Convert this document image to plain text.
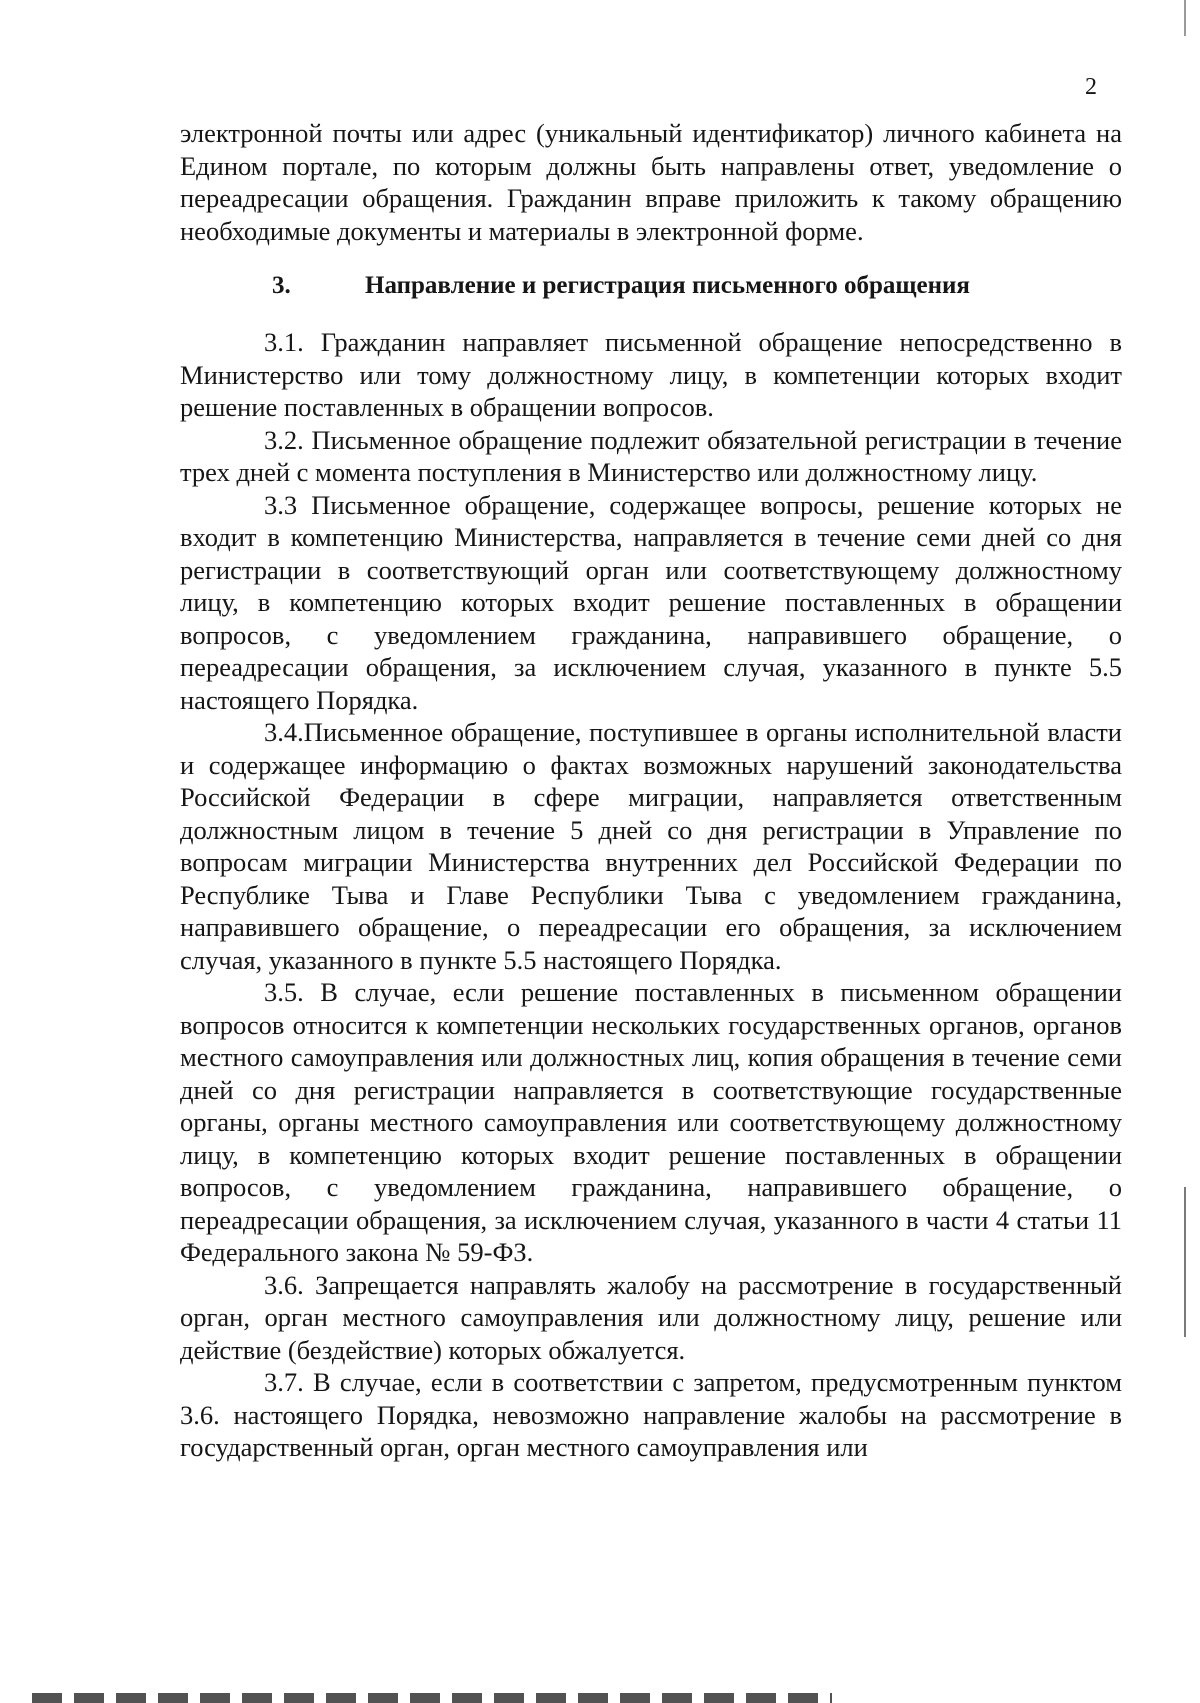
2

электронной почты или адрес (уникальный идентификатор) личного кабинета на Едином портале, по которым должны быть направлены ответ, уведомление о переадресации обращения. Гражданин вправе приложить к такому обращению необходимые документы и материалы в электронной форме.

3.	Направление и регистрация письменного обращения

3.1. Гражданин направляет письменной обращение непосредственно в Министерство или тому должностному лицу, в компетенции которых входит решение поставленных в обращении вопросов.

3.2. Письменное обращение подлежит обязательной регистрации в течение трех дней с момента поступления в Министерство или должностному лицу.

3.3 Письменное обращение, содержащее вопросы, решение которых не входит в компетенцию Министерства, направляется в течение семи дней со дня регистрации в соответствующий орган или соответствующему должностному лицу, в компетенцию которых входит решение поставленных в обращении вопросов, с уведомлением гражданина, направившего обращение, о переадресации обращения, за исключением случая, указанного в пункте 5.5 настоящего Порядка.

3.4.Письменное обращение, поступившее в органы исполнительной власти и содержащее информацию о фактах возможных нарушений законодательства Российской Федерации в сфере миграции, направляется ответственным должностным лицом в течение 5 дней со дня регистрации в Управление по вопросам миграции Министерства внутренних дел Российской Федерации по Республике Тыва и Главе Республики Тыва с уведомлением гражданина, направившего обращение, о переадресации его обращения, за исключением случая, указанного в пункте 5.5 настоящего Порядка.

3.5. В случае, если решение поставленных в письменном обращении вопросов относится к компетенции нескольких государственных органов, органов местного самоуправления или должностных лиц, копия обращения в течение семи дней со дня регистрации направляется в соответствующие государственные органы, органы местного самоуправления или соответствующему должностному лицу, в компетенцию которых входит решение поставленных в обращении вопросов, с уведомлением гражданина, направившего обращение, о переадресации обращения, за исключением случая, указанного в части 4 статьи 11 Федерального закона № 59-ФЗ.

3.6. Запрещается направлять жалобу на рассмотрение в государственный орган, орган местного самоуправления или должностному лицу, решение или действие (бездействие) которых обжалуется.

3.7. В случае, если в соответствии с запретом, предусмотренным пунктом 3.6. настоящего Порядка, невозможно направление жалобы на рассмотрение в государственный орган, орган местного самоуправления или
